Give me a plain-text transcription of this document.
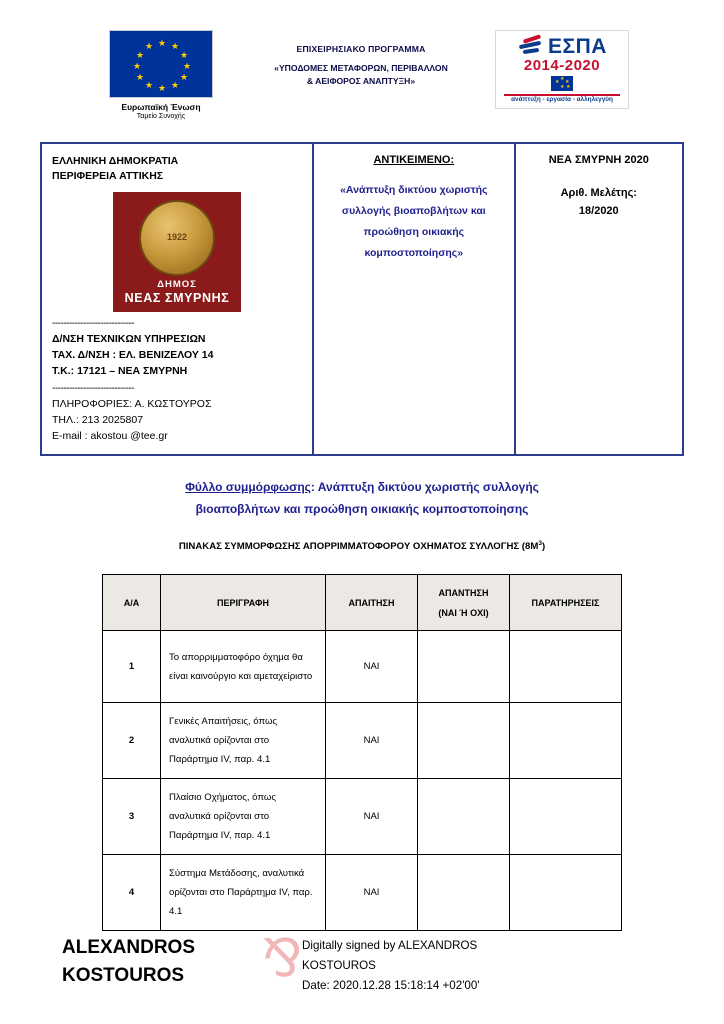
★ ★
★
★
★
★
★
★
★
★
★
★
Ευρωπαϊκή Ένωση
Ταμείο Συνοχής
ΕΠΙΧΕΙΡΗΣΙΑΚΟ ΠΡΟΓΡΑΜΜΑ
«ΥΠΟΔΟΜΕΣ ΜΕΤΑΦΟΡΩΝ, ΠΕΡΙΒΑΛΛΟΝ
& ΑΕΙΦΟΡΟΣ ΑΝΑΠΤΥΞΗ»
ΕΣΠΑ
2014-2020
★ ★
★
★
★
ανάπτυξη - εργασία - αλληλεγγύη
ΕΛΛΗΝΙΚΗ ΔΗΜΟΚΡΑΤΙΑ
ΠΕΡΙΦΕΡΕΙΑ ΑΤΤΙΚΗΣ
1922
ΔΗΜΟΣ
ΝΕΑΣ ΣΜΥΡΝΗΣ
-----------------------------
Δ/ΝΣΗ ΤΕΧΝΙΚΩΝ ΥΠΗΡΕΣΙΩΝ
ΤΑΧ. Δ/ΝΣΗ : ΕΛ. ΒΕΝΙΖΕΛΟΥ 14
Τ.Κ.: 17121 – ΝΕΑ ΣΜΥΡΝΗ
-----------------------------
ΠΛΗΡΟΦΟΡΙΕΣ: Α. ΚΩΣΤΟΥΡΟΣ
ΤΗΛ.: 213 2025807
E-mail : akostou @tee.gr
ΑΝΤΙΚΕΙΜΕΝΟ:
«Ανάπτυξη δικτύου χωριστής συλλογής βιοαποβλήτων και προώθηση οικιακής κομποστοποίησης»
ΝΕΑ ΣΜΥΡΝΗ 2020
Αριθ. Μελέτης:
18/2020
Φύλλο συμμόρφωσης: Ανάπτυξη δικτύου χωριστής συλλογής
βιοαποβλήτων και προώθηση οικιακής κομποστοποίησης
ΠΙΝΑΚΑΣ ΣΥΜΜΟΡΦΩΣΗΣ ΑΠΟΡΡΙΜΜΑΤΟΦΟΡΟΥ ΟΧΗΜΑΤΟΣ ΣΥΛΛΟΓΗΣ $(8M^3)$
Α/Α	ΠΕΡΙΓΡΑΦΗ	ΑΠΑΙΤΗΣΗ	ΑΠΑΝΤΗΣΗ
(ΝΑΙ Ή ΟΧΙ)	ΠΑΡΑΤΗΡΗΣΕΙΣ
1	Το απορριμματοφόρο όχημα θα είναι καινούργιο και αμεταχείριστο	ΝΑΙ		
2	Γενικές Απαιτήσεις, όπως αναλυτικά ορίζονται στο Παράρτημα IV, παρ. 4.1	ΝΑΙ		
3	Πλαίσιο Οχήματος, όπως αναλυτικά ορίζονται στο Παράρτημα IV, παρ. 4.1	ΝΑΙ		
4	Σύστημα Μετάδοσης, αναλυτικά ορίζονται στο Παράρτημα IV, παρ. 4.1	ΝΑΙ		
ALEXANDROS
KOSTOUROS	⅋ Digitally signed by ALEXANDROS
KOSTOUROS
Date: 2020.12.28 15:18:14 +02'00'
